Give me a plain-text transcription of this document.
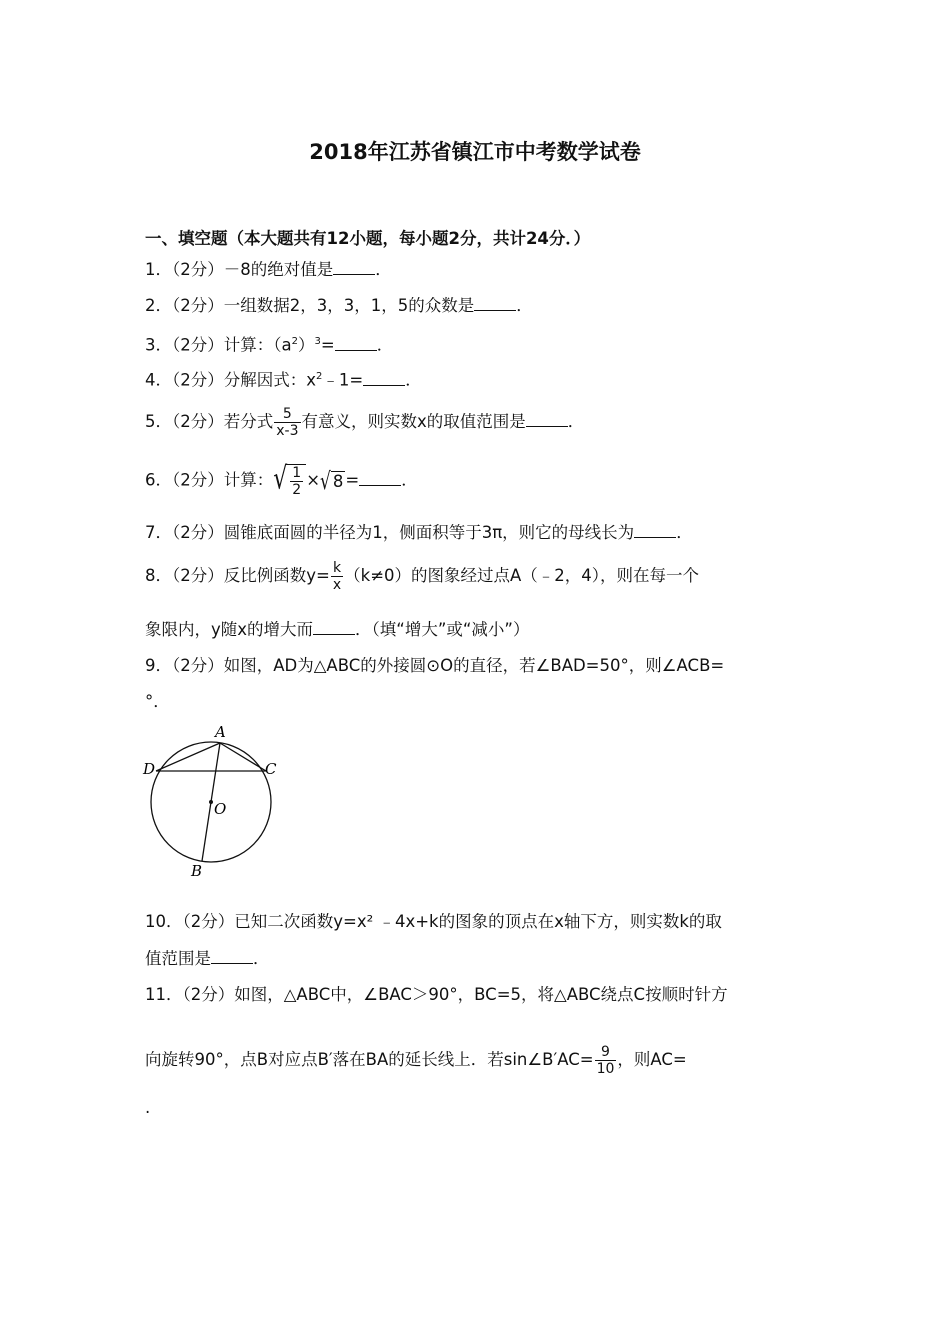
2018年江苏省镇江市中考数学试卷
一、填空题（本大题共有12小题，每小题2分，共计24分．）
1．（2分）－8的绝对值是	．
2．（2分）一组数据2，3，3，1，5的众数是	．
3．（2分）计算：$(a^2)^3=$	．
4．（2分）分解因式：$x^2﹣1=$	．
5．（2分）若分式 $\frac{5}{x-3}$ 有意义，则实数x的取值范围是	．
6．（2分）计算：√ $\frac{1}{2}$ ×√ 8 =	．
7．（2分）圆锥底面圆的半径为1，侧面积等于3π，则它的母线长为	．
8．（2分）反比例函数$y= \frac{k}{x} (k\ne 0)$的图象经过点A（﹣2，4），则在每一个
象限内，y随x的增大而	．（填“增大”或“减小”）
9．（2分）如图，AD为△ABC的外接圆⊙O的直径，若∠BAD=50°，则∠ACB=
°．
A
D	C
O
B
10．（2分）已知二次函数y=x² ﹣4x+k的图象的顶点在x轴下方，则实数k的取
值范围是	．
11．（2分）如图，△ABC中，∠BAC＞90°，BC=5，将△ABC绕点C按顺时针方
向旋转90°，点B对应点B′落在BA的延长线上．若sin∠B′AC= $\frac{9}{10}$ ，则AC=
.
